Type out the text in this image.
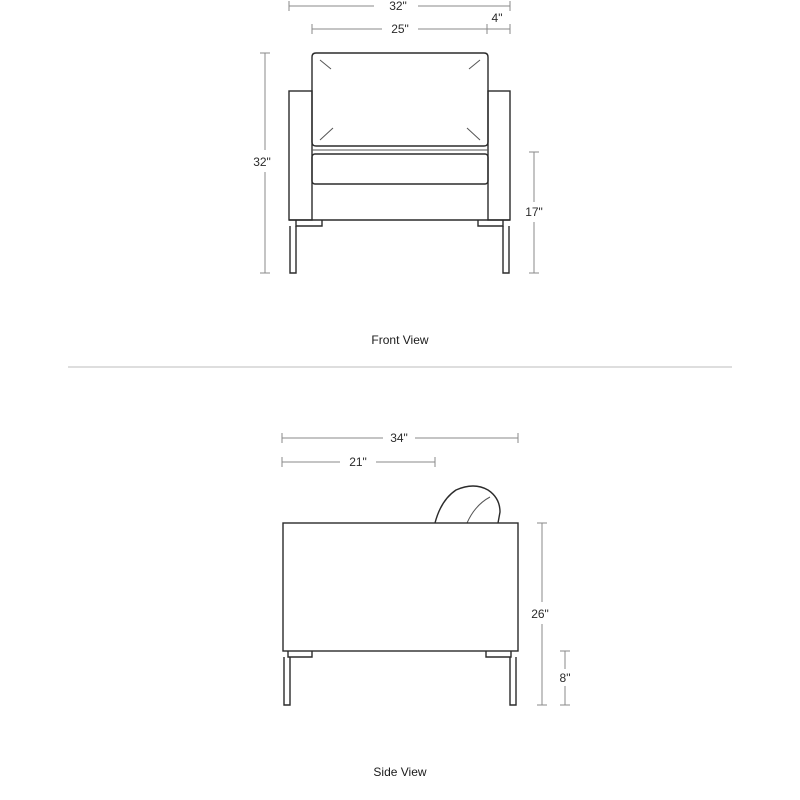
32"
25"
4"
32"
17"
Front View
34"
21"
26"
8"
Side View
